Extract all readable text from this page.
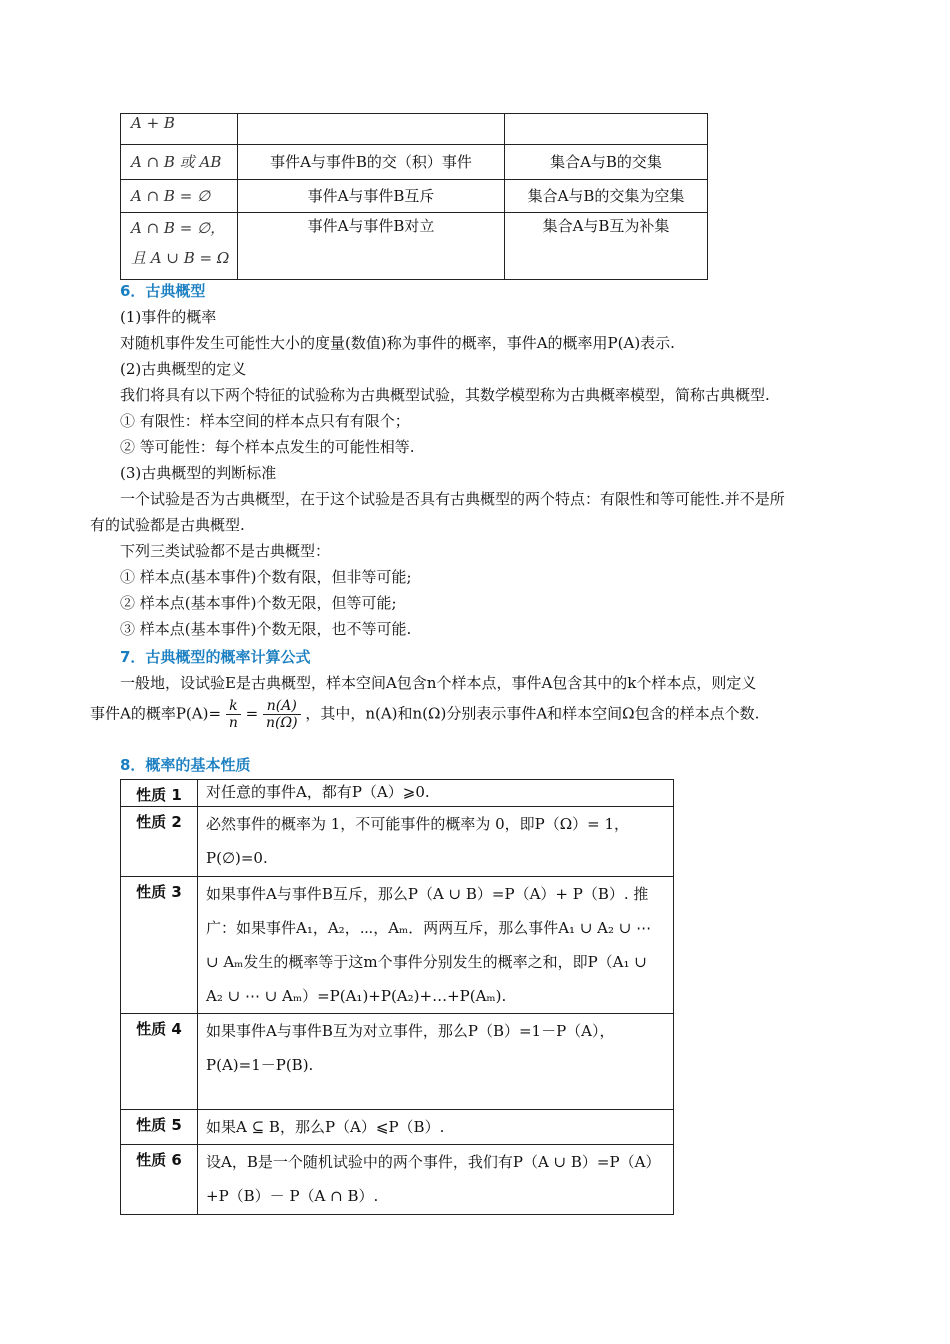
A + B		
A ∩ B 或 AB	事件A与事件B的交（积）事件	集合A与B的交集
A ∩ B = ∅	事件A与事件B互斥	集合A与B的交集为空集
A ∩ B = ∅，且 A ∪ B = Ω	事件A与事件B对立	集合A与B互为补集
6．古典概型
(1)事件的概率
对随机事件发生可能性大小的度量(数值)称为事件的概率，事件A的概率用P(A)表示.
(2)古典概型的定义
我们将具有以下两个特征的试验称为古典概型试验，其数学模型称为古典概率模型，简称古典概型.
① 有限性：样本空间的样本点只有有限个；
② 等可能性：每个样本点发生的可能性相等.
(3)古典概型的判断标准
一个试验是否为古典概型，在于这个试验是否具有古典概型的两个特点：有限性和等可能性.并不是所
有的试验都是古典概型.
下列三类试验都不是古典概型：
① 样本点(基本事件)个数有限，但非等可能;
② 样本点(基本事件)个数无限，但等可能;
③ 样本点(基本事件)个数无限，也不等可能.
7．古典概型的概率计算公式
一般地，设试验E是古典概型，样本空间A包含n个样本点，事件A包含其中的k个样本点，则定义
事件A的概率$P(A)= \frac{k}{n} = \frac{n(A)}{n(\Omega)}$ ，其中，n(A)和n(Ω)分别表示事件A和样本空间Ω包含的样本点个数.
8．概率的基本性质
性质 1	对任意的事件A，都有P（A）⩾0.
性质 2	必然事件的概率为 1，不可能事件的概率为 0，即P（Ω）= 1，P(∅)=0.
性质 3	如果事件A与事件B互斥，那么P（A ∪ B）=P（A）+ P（B）. 推广：如果事件A₁，A₂，⋯，Aₘ．两两互斥，那么事件A₁ ∪ A₂ ∪ ⋯ ∪ Aₘ发生的概率等于这m个事件分别发生的概率之和，即P（A₁ ∪ A₂ ∪ ⋯ ∪ Aₘ）=P(A₁)+P(A₂)+…+P(Aₘ).
性质 4	如果事件A与事件B互为对立事件，那么P（B）=1－P（A），P(A)=1－P(B).
性质 5	如果A ⊆ B，那么P（A）⩽P（B）.
性质 6	设A，B是一个随机试验中的两个事件，我们有P（A ∪ B）=P（A）+P（B）－ P（A ∩ B）.
